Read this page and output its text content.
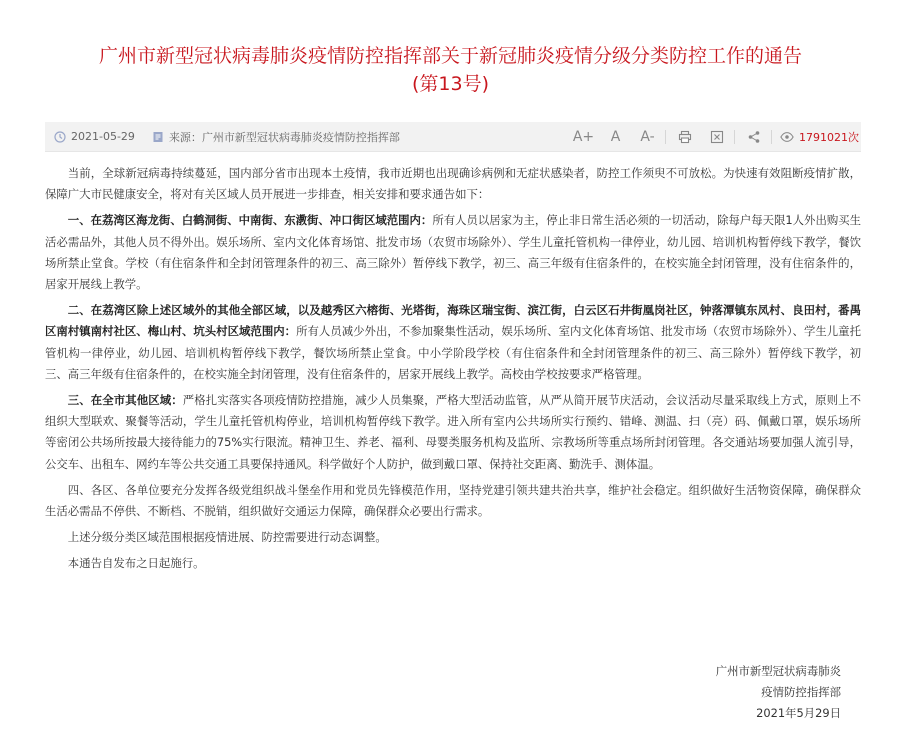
广州市新型冠状病毒肺炎疫情防控指挥部关于新冠肺炎疫情分级分类防控工作的通告
(第13号)
2021-05-29	来源： 广州市新型冠状病毒肺炎疫情防控指挥部	A+	A	A-	1791021次

当前，全球新冠病毒持续蔓延，国内部分省市出现本土疫情，我市近期也出现确诊病例和无症状感染者，防控工作须臾不可放松。为快速有效阻断疫情扩散，保障广大市民健康安全，将对有关区域人员开展进一步排查，相关安排和要求通告如下：

一、在荔湾区海龙街、白鹤洞街、中南街、东漖街、冲口街区域范围内：所有人员以居家为主，停止非日常生活必须的一切活动，除每户每天限1人外出购买生活必需品外，其他人员不得外出。娱乐场所、室内文化体育场馆、批发市场（农贸市场除外）、学生儿童托管机构一律停业，幼儿园、培训机构暂停线下教学，餐饮场所禁止堂食。学校（有住宿条件和全封闭管理条件的初三、高三除外）暂停线下教学，初三、高三年级有住宿条件的，在校实施全封闭管理，没有住宿条件的，居家开展线上教学。

二、在荔湾区除上述区域外的其他全部区域，以及越秀区六榕街、光塔街，海珠区瑞宝街、滨江街，白云区石井街凰岗社区，钟落潭镇东凤村、良田村，番禺区南村镇南村社区、梅山村、坑头村区域范围内：所有人员减少外出，不参加聚集性活动，娱乐场所、室内文化体育场馆、批发市场（农贸市场除外）、学生儿童托管机构一律停业，幼儿园、培训机构暂停线下教学，餐饮场所禁止堂食。中小学阶段学校（有住宿条件和全封闭管理条件的初三、高三除外）暂停线下教学，初三、高三年级有住宿条件的，在校实施全封闭管理，没有住宿条件的，居家开展线上教学。高校由学校按要求严格管理。

三、在全市其他区域：严格扎实落实各项疫情防控措施，减少人员集聚，严格大型活动监管，从严从简开展节庆活动，会议活动尽量采取线上方式，原则上不组织大型联欢、聚餐等活动，学生儿童托管机构停业，培训机构暂停线下教学。进入所有室内公共场所实行预约、错峰、测温、扫（亮）码、佩戴口罩，娱乐场所等密闭公共场所按最大接待能力的75%实行限流。精神卫生、养老、福利、母婴类服务机构及监所、宗教场所等重点场所封闭管理。各交通站场要加强人流引导，公交车、出租车、网约车等公共交通工具要保持通风。科学做好个人防护，做到戴口罩、保持社交距离、勤洗手、测体温。

四、各区、各单位要充分发挥各级党组织战斗堡垒作用和党员先锋模范作用，坚持党建引领共建共治共享，维护社会稳定。组织做好生活物资保障，确保群众生活必需品不停供、不断档、不脱销，组织做好交通运力保障，确保群众必要出行需求。

上述分级分类区域范围根据疫情进展、防控需要进行动态调整。

本通告自发布之日起施行。

广州市新型冠状病毒肺炎
疫情防控指挥部
2021年5月29日
